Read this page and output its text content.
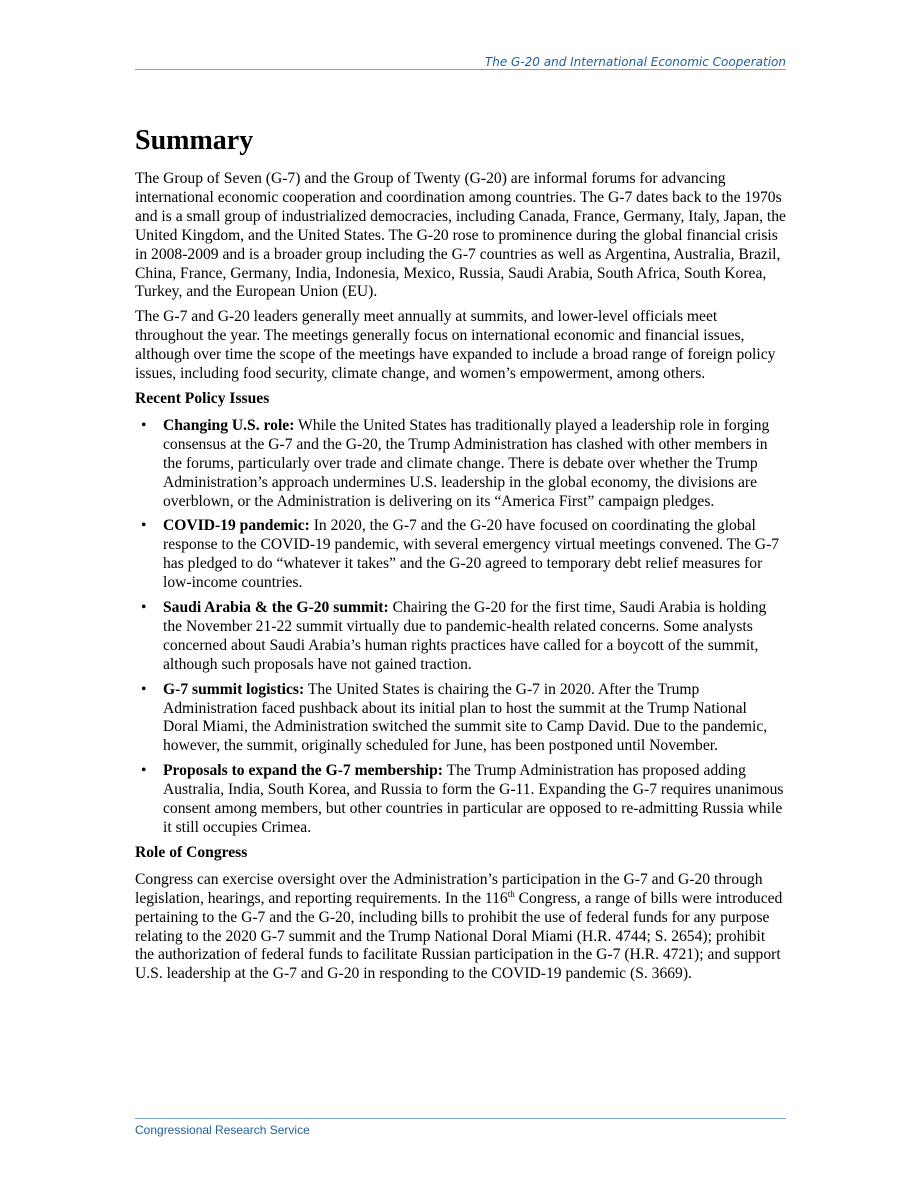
The G-20 and International Economic Cooperation
Summary

The Group of Seven (G-7) and the Group of Twenty (G-20) are informal forums for advancing international economic cooperation and coordination among countries. The G-7 dates back to the 1970s and is a small group of industrialized democracies, including Canada, France, Germany, Italy, Japan, the United Kingdom, and the United States. The G-20 rose to prominence during the global financial crisis in 2008-2009 and is a broader group including the G-7 countries as well as Argentina, Australia, Brazil, China, France, Germany, India, Indonesia, Mexico, Russia, Saudi Arabia, South Africa, South Korea, Turkey, and the European Union (EU).

The G-7 and G-20 leaders generally meet annually at summits, and lower-level officials meet throughout the year. The meetings generally focus on international economic and financial issues, although over time the scope of the meetings have expanded to include a broad range of foreign policy issues, including food security, climate change, and women’s empowerment, among others.

Recent Policy Issues
• Changing U.S. role: While the United States has traditionally played a leadership role in forging consensus at the G-7 and the G-20, the Trump Administration has clashed with other members in the forums, particularly over trade and climate change. There is debate over whether the Trump Administration’s approach undermines U.S. leadership in the global economy, the divisions are overblown, or the Administration is delivering on its “America First” campaign pledges.
• COVID-19 pandemic: In 2020, the G-7 and the G-20 have focused on coordinating the global response to the COVID-19 pandemic, with several emergency virtual meetings convened. The G-7 has pledged to do “whatever it takes” and the G-20 agreed to temporary debt relief measures for low-income countries.
• Saudi Arabia & the G-20 summit: Chairing the G-20 for the first time, Saudi Arabia is holding the November 21-22 summit virtually due to pandemic-health related concerns. Some analysts concerned about Saudi Arabia’s human rights practices have called for a boycott of the summit, although such proposals have not gained traction.
• G-7 summit logistics: The United States is chairing the G-7 in 2020. After the Trump Administration faced pushback about its initial plan to host the summit at the Trump National Doral Miami, the Administration switched the summit site to Camp David. Due to the pandemic, however, the summit, originally scheduled for June, has been postponed until November.
• Proposals to expand the G-7 membership: The Trump Administration has proposed adding Australia, India, South Korea, and Russia to form the G-11. Expanding the G-7 requires unanimous consent among members, but other countries in particular are opposed to re-admitting Russia while it still occupies Crimea.
Role of Congress

Congress can exercise oversight over the Administration’s participation in the G-7 and G-20 through legislation, hearings, and reporting requirements. In the 116th Congress, a range of bills were introduced pertaining to the G-7 and the G-20, including bills to prohibit the use of federal funds for any purpose relating to the 2020 G-7 summit and the Trump National Doral Miami (H.R. 4744; S. 2654); prohibit the authorization of federal funds to facilitate Russian participation in the G-7 (H.R. 4721); and support U.S. leadership at the G-7 and G-20 in responding to the COVID-19 pandemic (S. 3669).

Congressional Research Service
